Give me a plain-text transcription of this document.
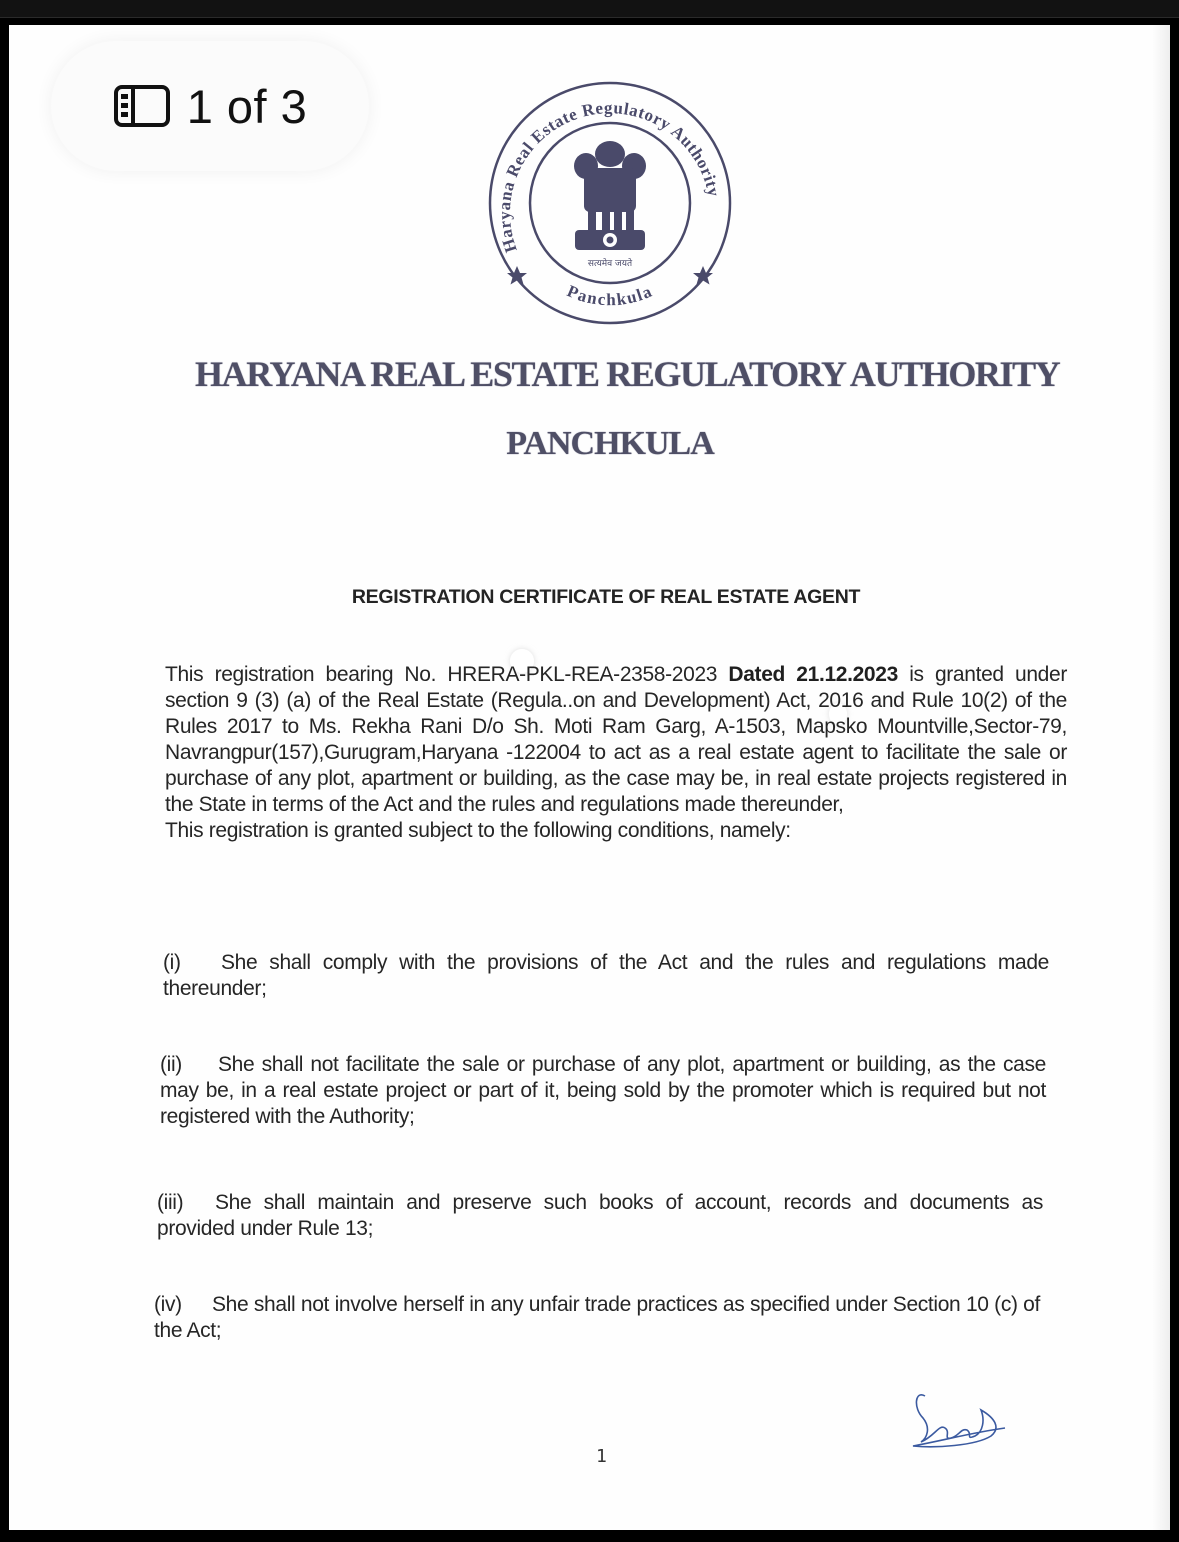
1 of 3
Haryana Real Estate Regulatory Authority
Panchkula
सत्यमेव जयते
HARYANA REAL ESTATE REGULATORY AUTHORITY
PANCHKULA
REGISTRATION CERTIFICATE OF REAL ESTATE AGENT
This registration bearing No. HRERA-PKL-REA-2358-2023 Dated 21.12.2023 is granted under section 9 (3) (a) of the Real Estate (Regula..on and Development) Act, 2016 and Rule 10(2) of the Rules 2017 to Ms. Rekha Rani D/o Sh. Moti Ram Garg, A-1503, Mapsko Mountville,Sector-79, Navrangpur(157),Gurugram,Haryana -122004 to act as a real estate agent to facilitate the sale or purchase of any plot, apartment or building, as the case may be, in real estate projects registered in the State in terms of the Act and the rules and regulations made thereunder,
This registration is granted subject to the following conditions, namely:
(i) She shall comply with the provisions of the Act and the rules and regulations made thereunder;
(ii) She shall not facilitate the sale or purchase of any plot, apartment or building, as the case may be, in a real estate project or part of it, being sold by the promoter which is required but not registered with the Authority;
(iii) She shall maintain and preserve such books of account, records and documents as provided under Rule 13;
(iv) She shall not involve herself in any unfair trade practices as specified under Section 10 (c) of the Act;
1
